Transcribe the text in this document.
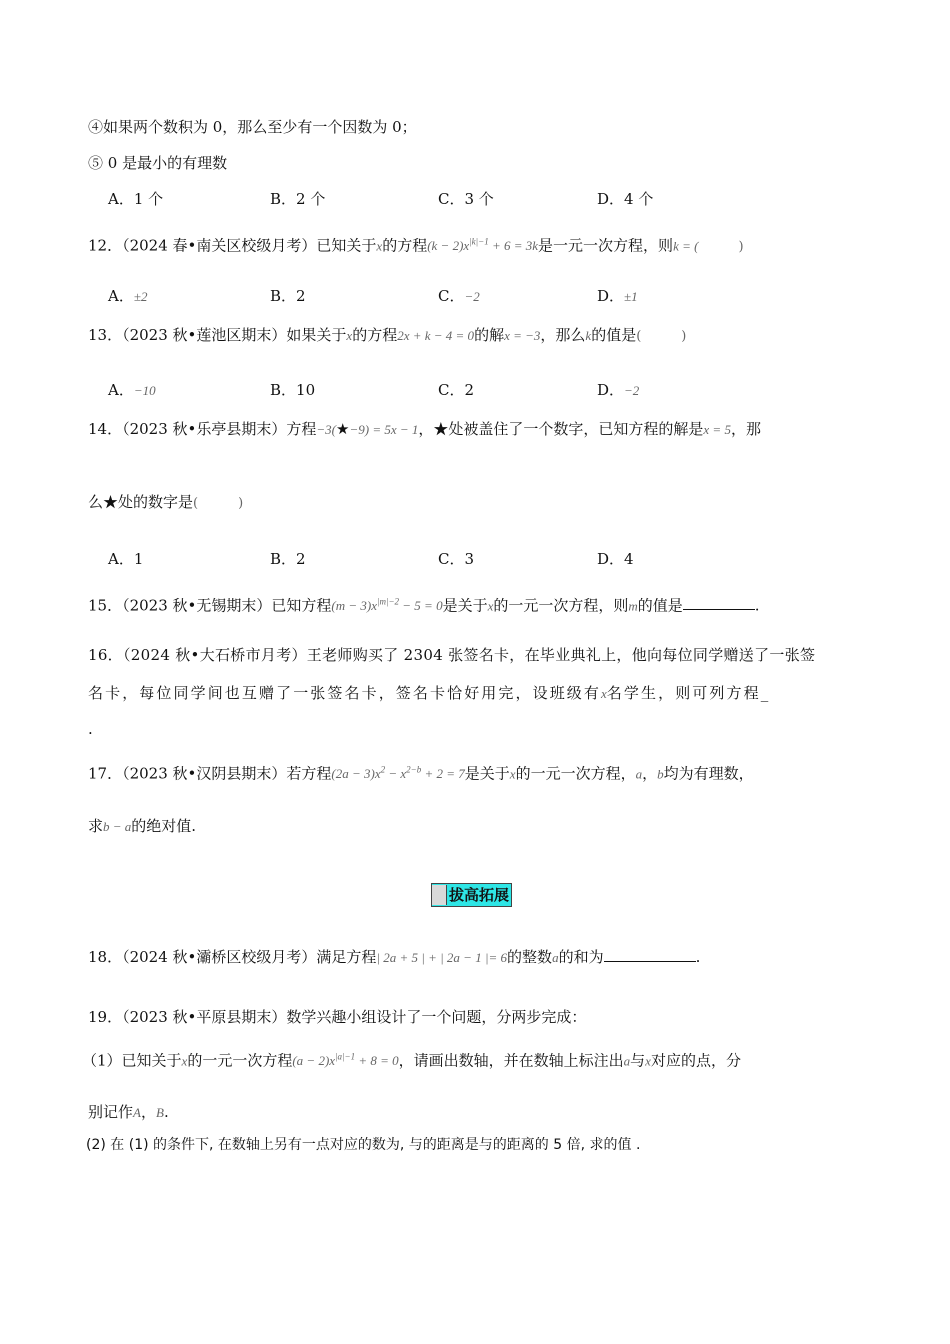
④如果两个数积为 0，那么至少有一个因数为 0；
⑤ 0 是最小的有理数
A．1 个	B．2 个	C．3 个	D．4 个
12．（2024 春•南关区校级月考）已知关于x的方程$(k - 2)x^{|k|-1} + 6 = 3k$是一元一次方程，则k = (	)
A．±2	B．2	C．−2	D．±1
13．（2023 秋•莲池区期末）如果关于x的方程2x + k − 4 = 0的解x = −3，那么k的值是(	)
A．−10	B．10	C．2	D．−2
14．（2023 秋•乐亭县期末）方程−3(★−9) = 5x − 1，★处被盖住了一个数字，已知方程的解是x = 5，那
么★处的数字是(	)
A．1	B．2	C．3	D．4
15．（2023 秋•无锡期末）已知方程$(m - 3)x^{|m|-2} - 5 = 0$是关于x的一元一次方程，则m的值是	.
16．（2024 秋•大石桥市月考）王老师购买了 2304 张签名卡，在毕业典礼上，他向每位同学赠送了一张签
名卡，每位同学间也互赠了一张签名卡，签名卡恰好用完，设班级有x名学生，则可列方程_
.
17．（2023 秋•汉阴县期末）若方程$(2a - 3)x^2 - x^{2-b} + 2 = 7$是关于x的一元一次方程，a，b均为有理数，
求b − a的绝对值.
拔高拓展
18．（2024 秋•灞桥区校级月考）满足方程| 2a + 5 | + | 2a − 1 |= 6的整数a的和为	.
19．（2023 秋•平原县期末）数学兴趣小组设计了一个问题，分两步完成：
（1）已知关于x的一元一次方程$(a - 2)x^{|a|-1} + 8 = 0$，请画出数轴，并在数轴上标注出a与x对应的点，分
别记作A，B.
(2) 在 (1) 的条件下, 在数轴上另有一点对应的数为, 与的距离是与的距离的 5 倍, 求的值 .
